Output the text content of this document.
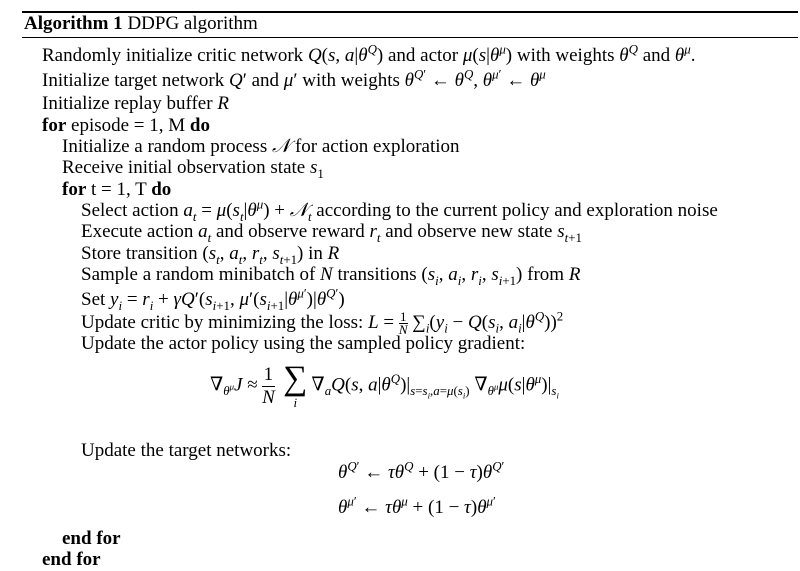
Algorithm 1 DDPG algorithm
Randomly initialize critic network Q(s, $a|\theta^Q$) and actor $\mu(s|\theta^\mu)$ with weights $\theta^Q$ and $\theta^\mu$.
Initialize target network Q′ and μ′ with weights $\theta^{Q'}$ ← $\theta^Q$, $\theta^{\mu'}$ ← $\theta^\mu$
Initialize replay buffer R
for episode = 1, M do
Initialize a random process 𝒩 for action exploration
Receive initial observation state $s_1$
for t = 1, T do
Select action $a_t = \mu(s_t|\theta^\mu)$ + 𝒩$_t$ according to the current policy and exploration noise
Execute action $a_t$ and observe reward $r_t$ and observe new state $s_{t+1}$
Store transition ($s_t$, $a_t$, $r_t$, $s_{t+1}$) in R
Sample a random minibatch of N transitions ($s_i$, $a_i$, $r_i$, $s_{i+1}$) from R
Set $y_i = r_i + \gamma Q'(s_{i+1}$, $\mu'(s_{i+1}|\theta^{\mu'})|\theta^{Q'}$)
Update critic by minimizing the loss: $L = \frac{1}{N} \sum_i(y_i - Q(s_i$, $a_i|\theta^Q))^2$
Update the actor policy using the sampled policy gradient:
$\nabla_{\theta^\mu}J \approx \frac{1}{N}$ ∑
i
$\nabla_aQ(s$, $a|\theta^Q)|_{s=s_i,a=\mu(s_i)}$ $\nabla_{\theta^\mu}\mu(s|\theta^\mu)|_{s_i}$
Update the target networks:
$\theta^{Q'}$ ← $\tau\theta^Q + (1 - \tau)\theta^{Q'}$
$\theta^{\mu'}$ ← $\tau\theta^\mu + (1 - \tau)\theta^{\mu'}$
end for
end for
